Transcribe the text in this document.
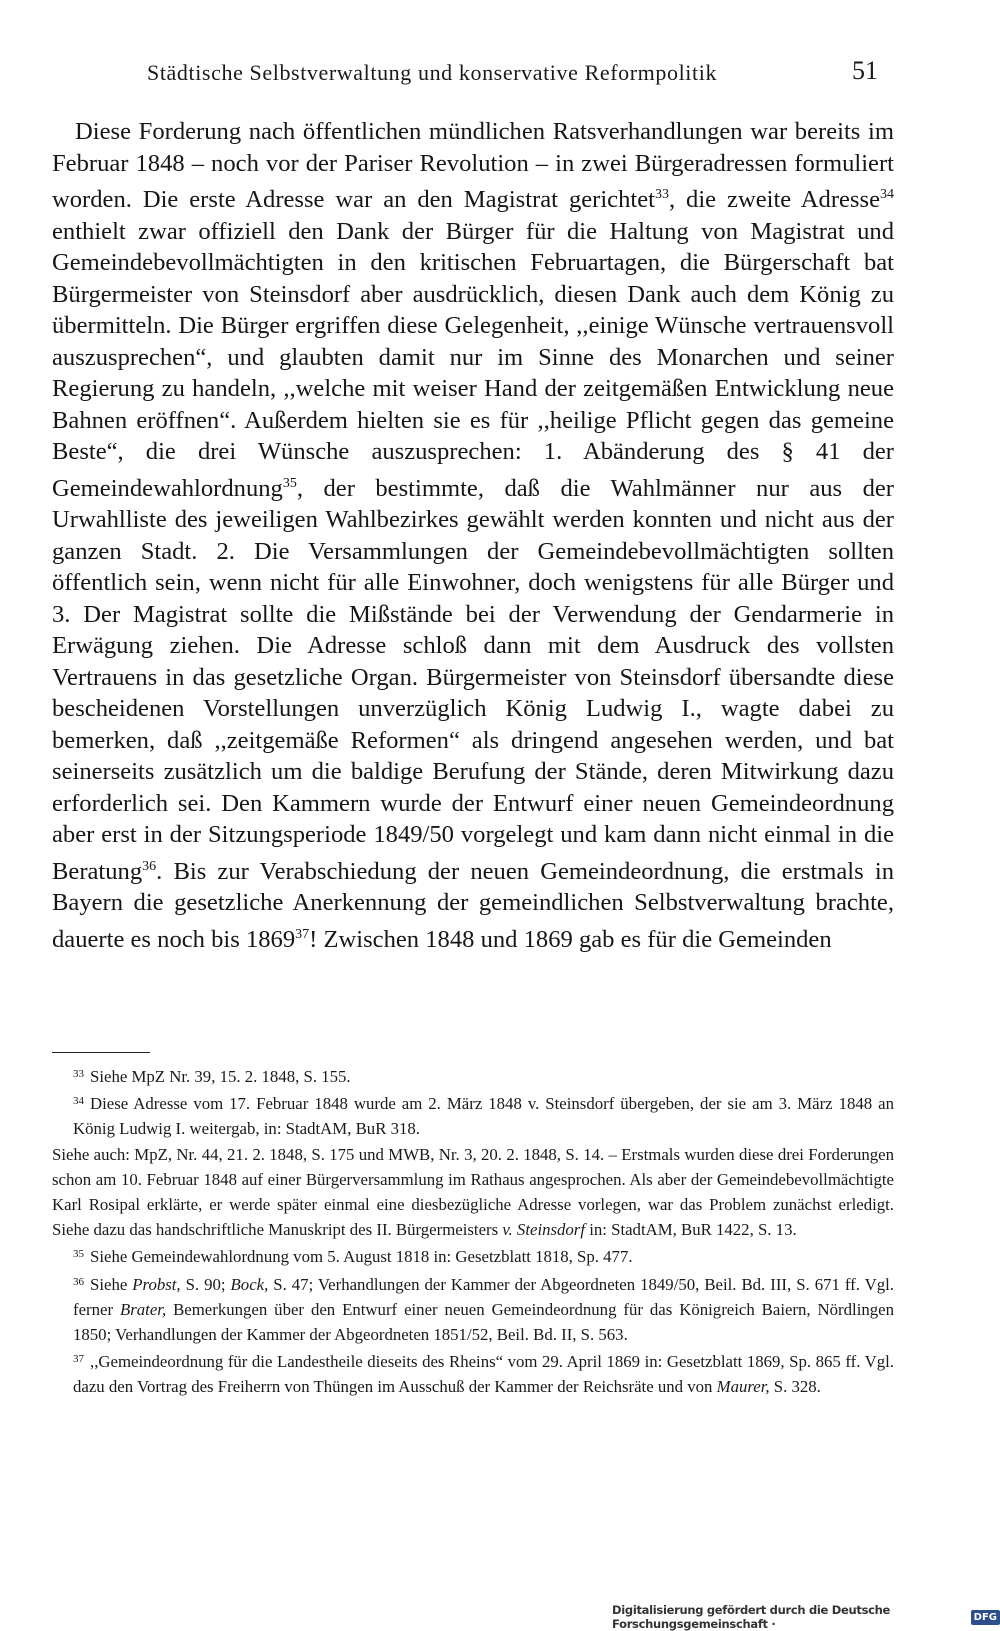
Städtische Selbstverwaltung und konservative Reformpolitik	51

Diese Forderung nach öffentlichen mündlichen Ratsverhandlungen war bereits im Februar 1848 – noch vor der Pariser Revolution – in zwei Bürgeradressen formuliert worden. Die erste Adresse war an den Magistrat gerichtet$^{33}$, die zweite Adresse$^{34}$ enthielt zwar offiziell den Dank der Bürger für die Haltung von Magistrat und Gemeindebevollmächtigten in den kritischen Februartagen, die Bürgerschaft bat Bürgermeister von Steinsdorf aber ausdrücklich, diesen Dank auch dem König zu übermitteln. Die Bürger ergriffen diese Gelegenheit, ,,einige Wünsche vertrauensvoll auszusprechen“, und glaubten damit nur im Sinne des Monarchen und seiner Regierung zu handeln, ,,welche mit weiser Hand der zeitgemäßen Entwicklung neue Bahnen eröffnen“. Außerdem hielten sie es für ,,heilige Pflicht gegen das gemeine Beste“, die drei Wünsche auszusprechen: 1. Abänderung des § 41 der Gemeindewahlordnung$^{35}$, der bestimmte, daß die Wahlmänner nur aus der Urwahlliste des jeweiligen Wahlbezirkes gewählt werden konnten und nicht aus der ganzen Stadt. 2. Die Versammlungen der Gemeindebevollmächtigten sollten öffentlich sein, wenn nicht für alle Einwohner, doch wenigstens für alle Bürger und 3. Der Magistrat sollte die Mißstände bei der Verwendung der Gendarmerie in Erwägung ziehen. Die Adresse schloß dann mit dem Ausdruck des vollsten Vertrauens in das gesetzliche Organ. Bürgermeister von Steinsdorf übersandte diese bescheidenen Vorstellungen unverzüglich König Ludwig I., wagte dabei zu bemerken, daß ,,zeitgemäße Reformen“ als dringend angesehen werden, und bat seinerseits zusätzlich um die baldige Berufung der Stände, deren Mitwirkung dazu erforderlich sei. Den Kammern wurde der Entwurf einer neuen Gemeindeordnung aber erst in der Sitzungsperiode 1849/50 vorgelegt und kam dann nicht einmal in die Beratung$^{36}$. Bis zur Verabschiedung der neuen Gemeindeordnung, die erstmals in Bayern die gesetzliche Anerkennung der gemeindlichen Selbstverwaltung brachte, dauerte es noch bis 1869$^{37}$! Zwischen 1848 und 1869 gab es für die Gemeinden

$^{33}$ Siehe MpZ Nr. 39, 15. 2. 1848, S. 155.

$^{34}$ Diese Adresse vom 17. Februar 1848 wurde am 2. März 1848 v. Steinsdorf übergeben, der sie am 3. März 1848 an König Ludwig I. weitergab, in: StadtAM, BuR 318.

Siehe auch: MpZ, Nr. 44, 21. 2. 1848, S. 175 und MWB, Nr. 3, 20. 2. 1848, S. 14. – Erstmals wurden diese drei Forderungen schon am 10. Februar 1848 auf einer Bürgerversammlung im Rathaus angesprochen. Als aber der Gemeindebevollmächtigte Karl Rosipal erklärte, er werde später einmal eine diesbezügliche Adresse vorlegen, war das Problem zunächst erledigt. Siehe dazu das handschriftliche Manuskript des II. Bürgermeisters v. Steinsdorf in: StadtAM, BuR 1422, S. 13.

$^{35}$ Siehe Gemeindewahlordnung vom 5. August 1818 in: Gesetzblatt 1818, Sp. 477.

$^{36}$ Siehe Probst, S. 90; Bock, S. 47; Verhandlungen der Kammer der Abgeordneten 1849/50, Beil. Bd. III, S. 671 ff. Vgl. ferner Brater, Bemerkungen über den Entwurf einer neuen Gemeindeordnung für das Königreich Baiern, Nördlingen 1850; Verhandlungen der Kammer der Abgeordneten 1851/52, Beil. Bd. II, S. 563.

$^{37}$ ,,Gemeindeordnung für die Landestheile dieseits des Rheins“ vom 29. April 1869 in: Gesetzblatt 1869, Sp. 865 ff. Vgl. dazu den Vortrag des Freiherrn von Thüngen im Ausschuß der Kammer der Reichsräte und von Maurer, S. 328.

Digitalisierung gefördert durch die Deutsche Forschungsgemeinschaft ·	DFG
